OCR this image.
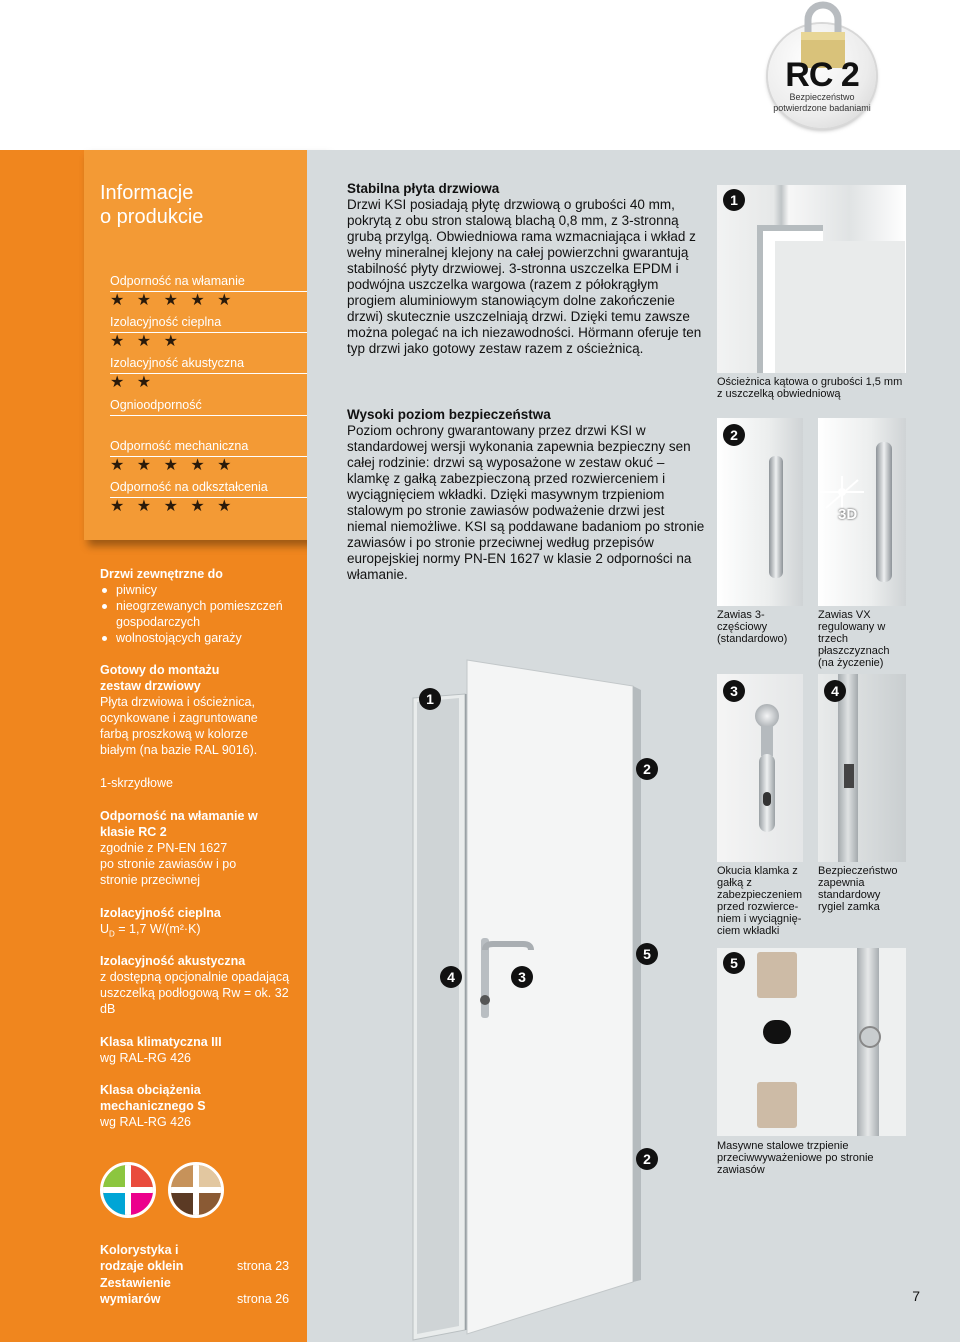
RC 2
Bezpieczeństwo potwierdzone badaniami
Informacje
o produkcie
Odporność na włamanie
★ ★ ★ ★ ★
Izolacyjność cieplna
★ ★ ★
Izolacyjność akustyczna
★ ★
Ognioodporność
Odporność mechaniczna
★ ★ ★ ★ ★
Odporność na odkształcenia
★ ★ ★ ★ ★
Drzwi zewnętrzne do
piwnicy
nieogrzewanych pomieszczeń gospodarczych
wolnostojących garaży
Gotowy do montażu zestaw drzwiowy
Płyta drzwiowa i ościeżnica, ocynkowane i zagruntowane farbą proszkową w kolorze białym (na bazie RAL 9016).
1-skrzydłowe
Odporność na włamanie w klasie RC 2
zgodnie z PN-EN 1627 po stronie zawiasów i po stronie przeciwnej
Izolacyjność cieplna
$U_D = 1,7$ W/(m²·K)
Izolacyjność akustyczna
z dostępną opcjonalnie opadającą uszczelką podłogową Rw = ok. 32 dB
Klasa klimatyczna III
wg RAL-RG 426
Klasa obciążenia mechanicznego S
wg RAL-RG 426
Kolorystyka i rodzaje oklein	strona 23
Zestawienie wymiarów	strona 26
Stabilna płyta drzwiowa
Drzwi KSI posiadają płytę drzwiową o grubości 40 mm, pokrytą z obu stron stalową blachą 0,8 mm, z 3-stronną grubą przylgą. Obwiedniowa rama wzmacniająca i wkład z wełny mineralnej klejony na całej powierzchni gwarantują stabilność płyty drzwiowej. 3-stronna uszczelka EPDM i podwójna uszczelka wargowa (razem z półokrągłym progiem aluminiowym stanowiącym dolne zakończenie drzwi) skutecznie uszczelniają drzwi. Dzięki temu zawsze można polegać na ich niezawodności. Hörmann oferuje ten typ drzwi jako gotowy zestaw razem z ościeżnicą.
Wysoki poziom bezpieczeństwa
Poziom ochrony gwarantowany przez drzwi KSI w standardowej wersji wykonania zapewnia bezpieczny sen całej rodzinie: drzwi są wyposażone w zestaw okuć – klamkę z gałką zabezpieczoną przed rozwierceniem i wyciągnięciem wkładki. Dzięki masywnym trzpieniom stalowym po stronie zawiasów podważenie drzwi jest niemal niemożliwe. KSI są poddawane badaniom po stronie zawiasów i po stronie przeciwnej według przepisów europejskiej normy PN-EN 1627 w klasie 2 odporności na włamanie.
3D
1
2
3	4
5
1
2
4	3
5
2
Ościeżnica kątowa o grubości 1,5 mm z uszczelką obwiedniową
Zawias 3-częściowy (standardowo)
Zawias VX regulowany w trzech płaszczyznach (na życzenie)
Okucia klamka z gałką z zabezpieczeniem przed rozwierce-niem i wyciągnię-ciem wkładki
Bezpieczeństwo zapewnia standardowy rygiel zamka
Masywne stalowe trzpienie przeciwwyważeniowe po stronie zawiasów
7
